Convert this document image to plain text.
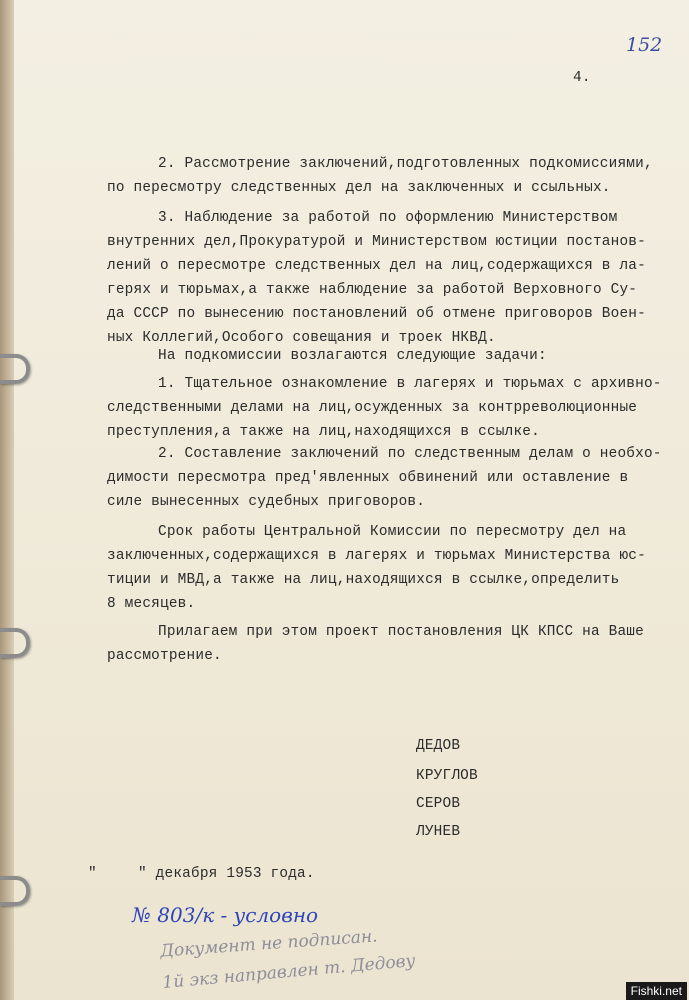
152
4.
2. Рассмотрение заключений,подготовленных подкомиссиями,
по пересмотру следственных дел на заключенных и ссыльных.
3. Наблюдение за работой по оформлению Министерством
внутренних дел,Прокуратурой и Министерством юстиции постанов-
лений о пересмотре следственных дел на лиц,содержащихся в ла-
герях и тюрьмах,а также наблюдение за работой Верховного Су-
да СССР по вынесению постановлений об отмене приговоров Воен-
ных Коллегий,Особого совещания и троек НКВД.
На подкомиссии возлагаются следующие задачи:
1. Тщательное ознакомление в лагерях и тюрьмах с архивно-
следственными делами на лиц,осужденных за контрреволюционные
преступления,а также на лиц,находящихся в ссылке.
2. Составление заключений по следственным делам о необхо-
димости пересмотра пред'явленных обвинений или оставление в
силе вынесенных судебных приговоров.
Срок работы Центральной Комиссии по пересмотру дел на
заключенных,содержащихся в лагерях и тюрьмах Министерства юс-
тиции и МВД,а также на лиц,находящихся в ссылке,определить
8 месяцев.
Прилагаем при этом проект постановления ЦК КПСС на Ваше
рассмотрение.
ДЕДОВ
КРУГЛОВ
СЕРОВ
ЛУНЕВ
"	" декабря 1953 года.
№ 803/к - условно
Документ не подписан.
1й экз направлен т. Дедову	Fishki.net
